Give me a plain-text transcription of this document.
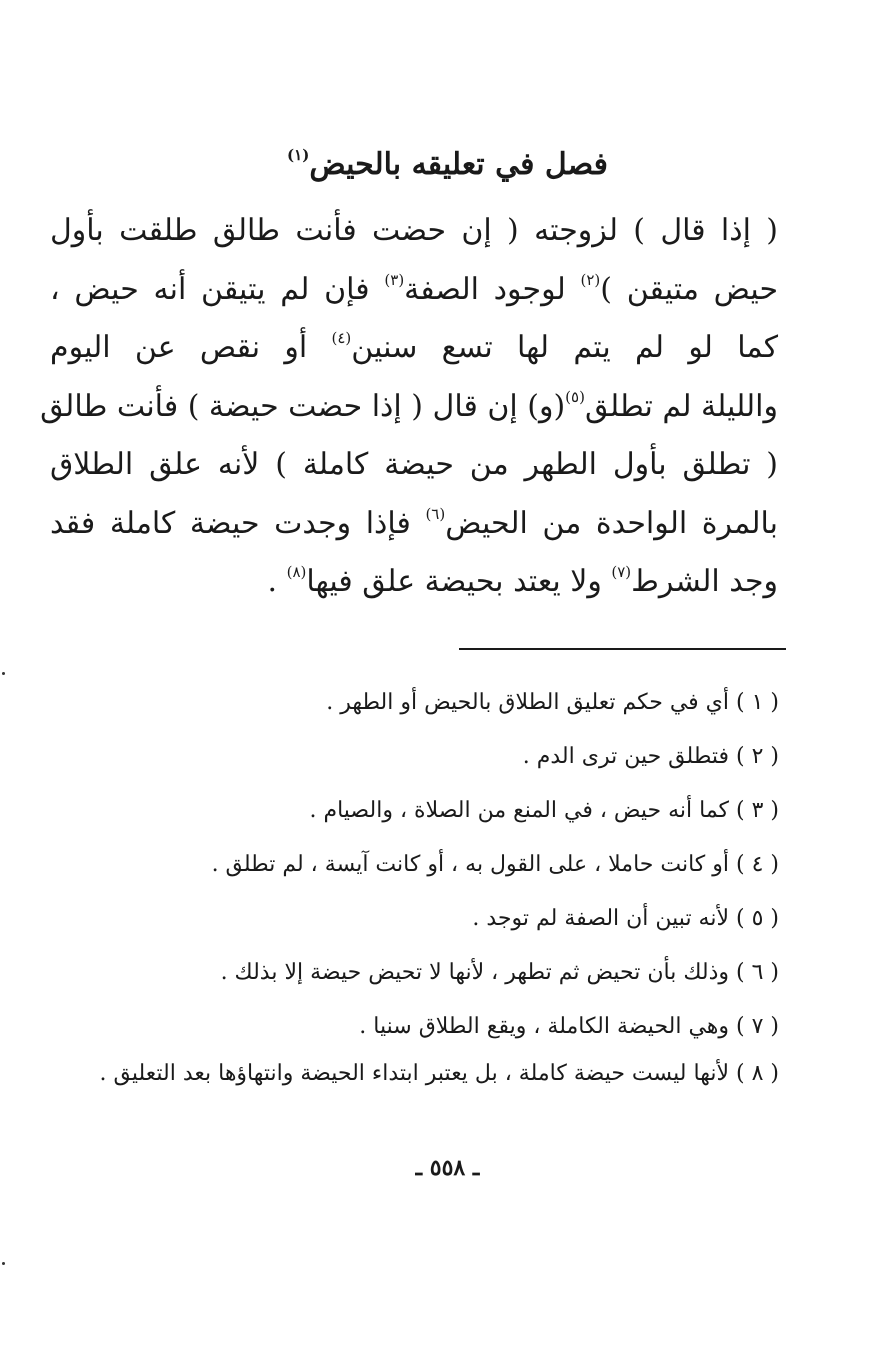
فصل في تعليقه بالحيض$^{(١)}$
( إذا قال ) لزوجته ( إن حضت فأنت طالق طلقت بأول
حيض متيقن )$^{(٢)}$ لوجود الصفة$^{(٣)}$ فإن لم يتيقن أنه حيض ،
كما لو لم يتم لها تسع سنين$^{(٤)}$ أو نقص عن اليوم
والليلة لم تطلق$^{(٥)}$(و) إن قال ( إذا حضت حيضة ) فأنت طالق
( تطلق بأول الطهر من حيضة كاملة ) لأنه علق الطلاق
بالمرة الواحدة من الحيض$^{(٦)}$ فإذا وجدت حيضة كاملة فقد
وجد الشرط$^{(٧)}$ ولا يعتد بحيضة علق فيها$^{(٨)}$ .
( ١ ) أي في حكم تعليق الطلاق بالحيض أو الطهر .
( ٢ ) فتطلق حين ترى الدم .
( ٣ ) كما أنه حيض ، في المنع من الصلاة ، والصيام .
( ٤ ) أو كانت حاملا ، على القول به ، أو كانت آيسة ، لم تطلق .
( ٥ ) لأنه تبين أن الصفة لم توجد .
( ٦ ) وذلك بأن تحيض ثم تطهر ، لأنها لا تحيض حيضة إلا بذلك .
( ٧ ) وهي الحيضة الكاملة ، ويقع الطلاق سنيا .
( ٨ ) لأنها ليست حيضة كاملة ، بل يعتبر ابتداء الحيضة وانتهاؤها بعد التعليق .
ـ ٥٥٨ ـ
